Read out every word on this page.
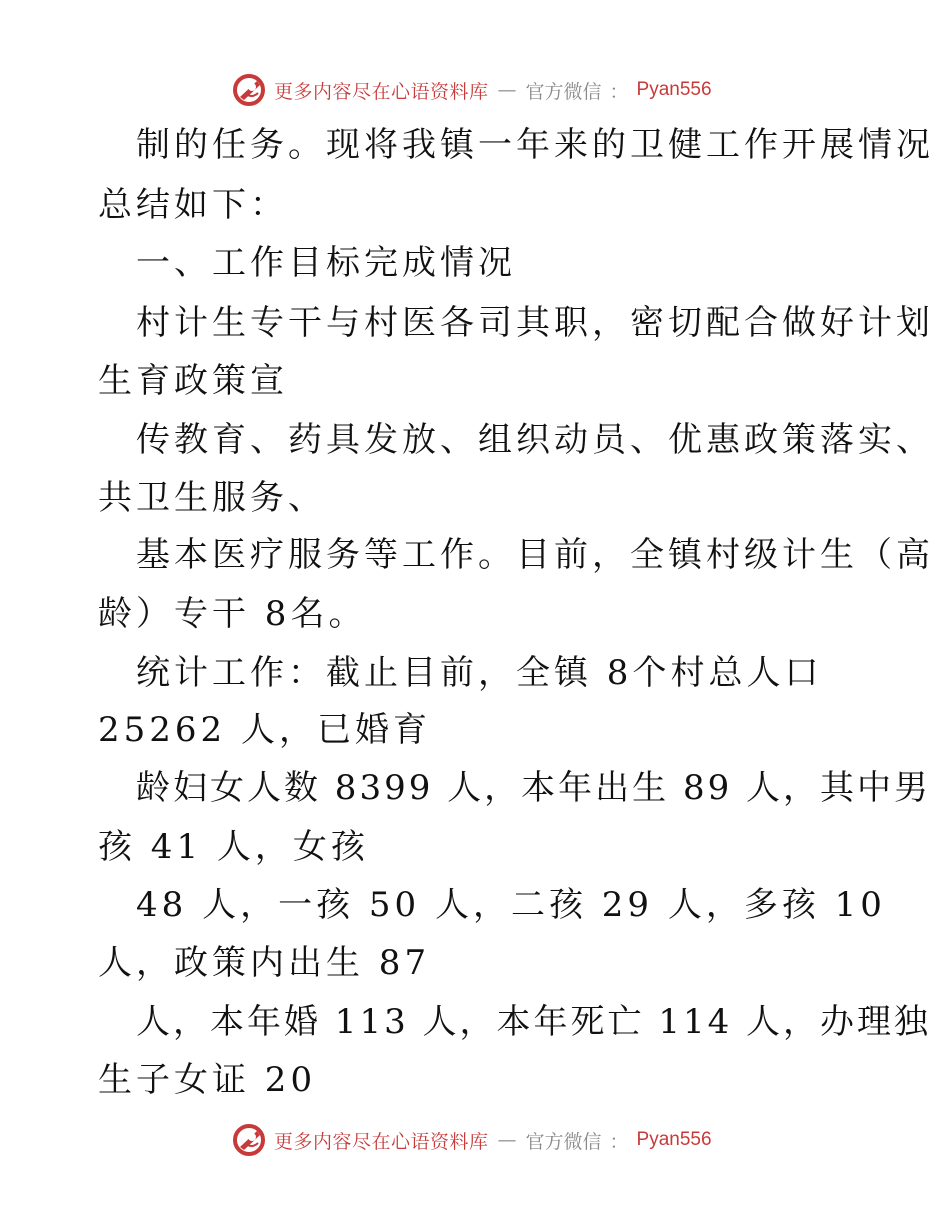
更多内容尽在心语资料库 — 官方微信 ： Pyan556
制的任务。现将我镇一年来的卫健工作开展情况
总结如下：
一、工作目标完成情况
村计生专干与村医各司其职，密切配合做好计划
生育政策宣
传教育、药具发放、组织动员、优惠政策落实、
共卫生服务、
基本医疗服务等工作。目前，全镇村级计生（高
龄）专干 8名。
统计工作：截止目前，全镇 8个村总人口
25262 人，已婚育
龄妇女人数 8399 人，本年出生 89 人，其中男
孩 41 人，女孩
48 人，一孩 50 人，二孩 29 人，多孩 10
人，政策内出生 87
人，本年婚 113 人，本年死亡 114 人，办理独
生子女证 20
更多内容尽在心语资料库 — 官方微信 ： Pyan556
